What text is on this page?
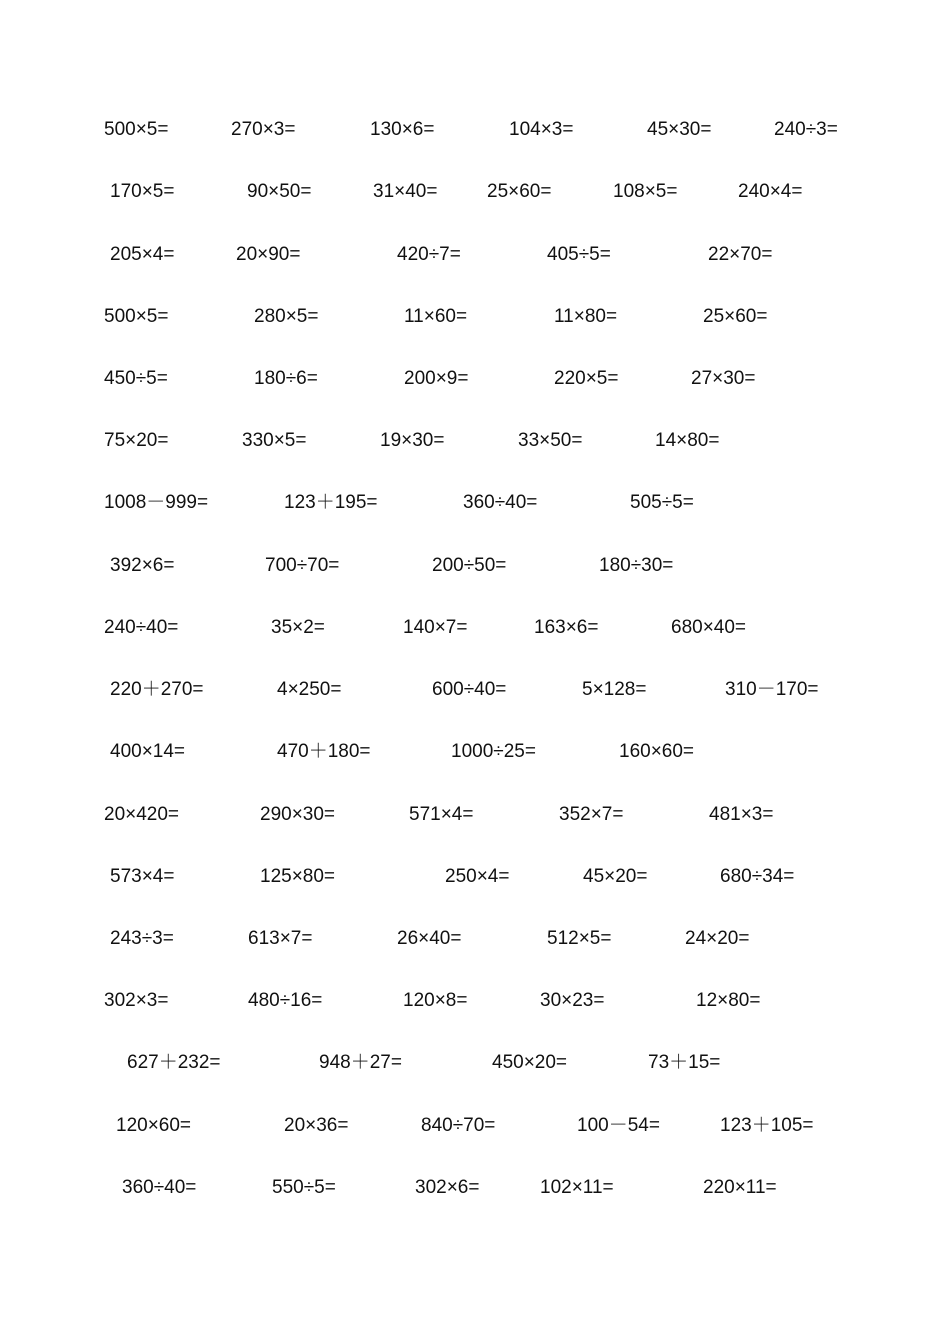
500×5=	270×3=	130×6=	104×3=	45×30=	240÷3=
170×5=	90×50=	31×40=	25×60=	108×5=	240×4=
205×4=	20×90=	420÷7=	405÷5=	22×70=
500×5=	280×5=	11×60=	11×80=	25×60=
450÷5=	180÷6=	200×9=	220×5=	27×30=
75×20=	330×5=	19×30=	33×50=	14×80=
1008－999=	123＋195=	360÷40=	505÷5=
392×6=	700÷70=	200÷50=	180÷30=
240÷40=	35×2=	140×7=	163×6=	680×40=
220＋270=	4×250=	600÷40=	5×128=	310－170=
400×14=	470＋180=	1000÷25=	160×60=
20×420=	290×30=	571×4=	352×7=	481×3=
573×4=	125×80=	250×4=	45×20=	680÷34=
243÷3=	613×7=	26×40=	512×5=	24×20=
302×3=	480÷16=	120×8=	30×23=	12×80=
627＋232=	948＋27=	450×20=	73＋15=
120×60=	20×36=	840÷70=	100－54=	123＋105=
360÷40=	550÷5=	302×6=	102×11=	220×11=
